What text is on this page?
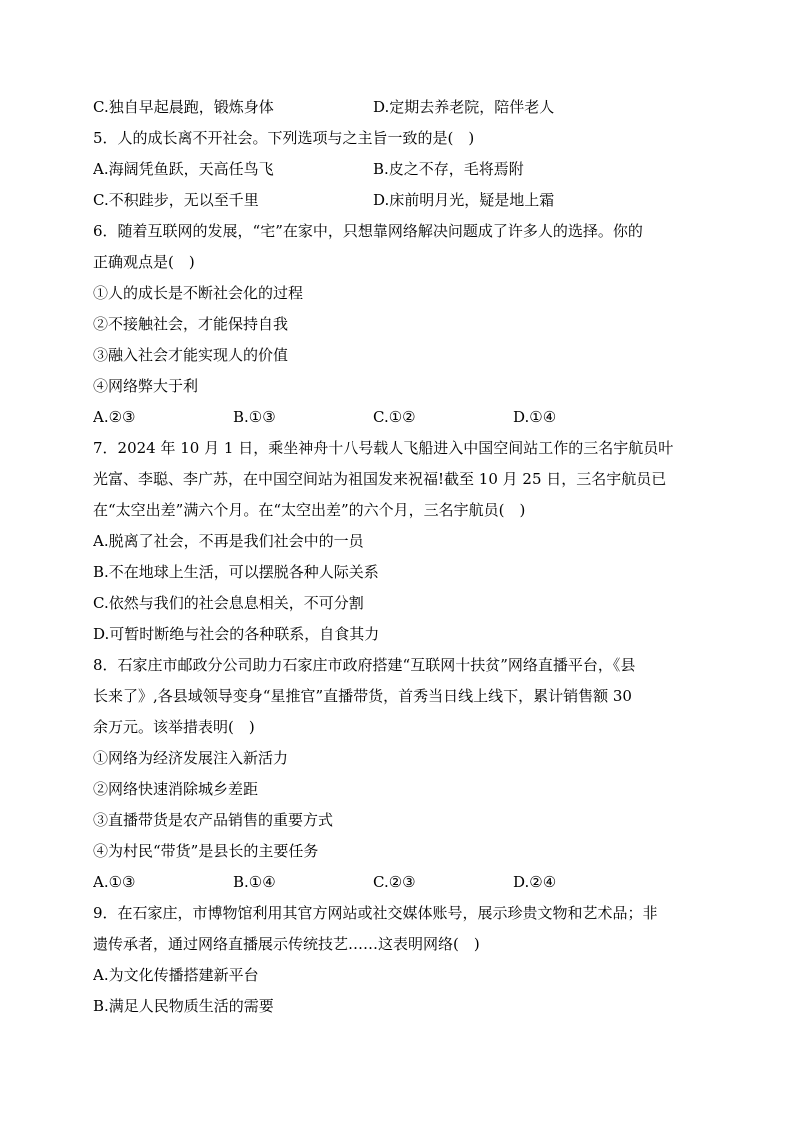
C.独自早起晨跑，锻炼身体	D.定期去养老院，陪伴老人
5．人的成长离不开社会。下列选项与之主旨一致的是(　)
A.海阔凭鱼跃，天高任鸟飞	B.皮之不存，毛将焉附
C.不积跬步，无以至千里	D.床前明月光，疑是地上霜
6．随着互联网的发展，“宅”在家中，只想靠网络解决问题成了许多人的选择。你的
正确观点是(　)
①人的成长是不断社会化的过程
②不接触社会，才能保持自我
③融入社会才能实现人的价值
④网络弊大于利
A.②③	B.①③	C.①②	D.①④
7．2024 年 10 月 1 日，乘坐神舟十八号载人飞船进入中国空间站工作的三名宇航员叶
光富、李聪、李广苏，在中国空间站为祖国发来祝福!截至 10 月 25 日，三名宇航员已
在“太空出差”满六个月。在“太空出差”的六个月，三名宇航员(　)
A.脱离了社会，不再是我们社会中的一员
B.不在地球上生活，可以摆脱各种人际关系
C.依然与我们的社会息息相关，不可分割
D.可暂时断绝与社会的各种联系，自食其力
8．石家庄市邮政分公司助力石家庄市政府搭建“互联网十扶贫”网络直播平台，《县
长来了》,各县域领导变身“星推官”直播带货，首秀当日线上线下，累计销售额 30
余万元。该举措表明(　)
①网络为经济发展注入新活力
②网络快速消除城乡差距
③直播带货是农产品销售的重要方式
④为村民“带货”是县长的主要任务
A.①③	B.①④	C.②③	D.②④
9．在石家庄，市博物馆利用其官方网站或社交媒体账号，展示珍贵文物和艺术品；非
遗传承者，通过网络直播展示传统技艺……这表明网络(　)
A.为文化传播搭建新平台
B.满足人民物质生活的需要
